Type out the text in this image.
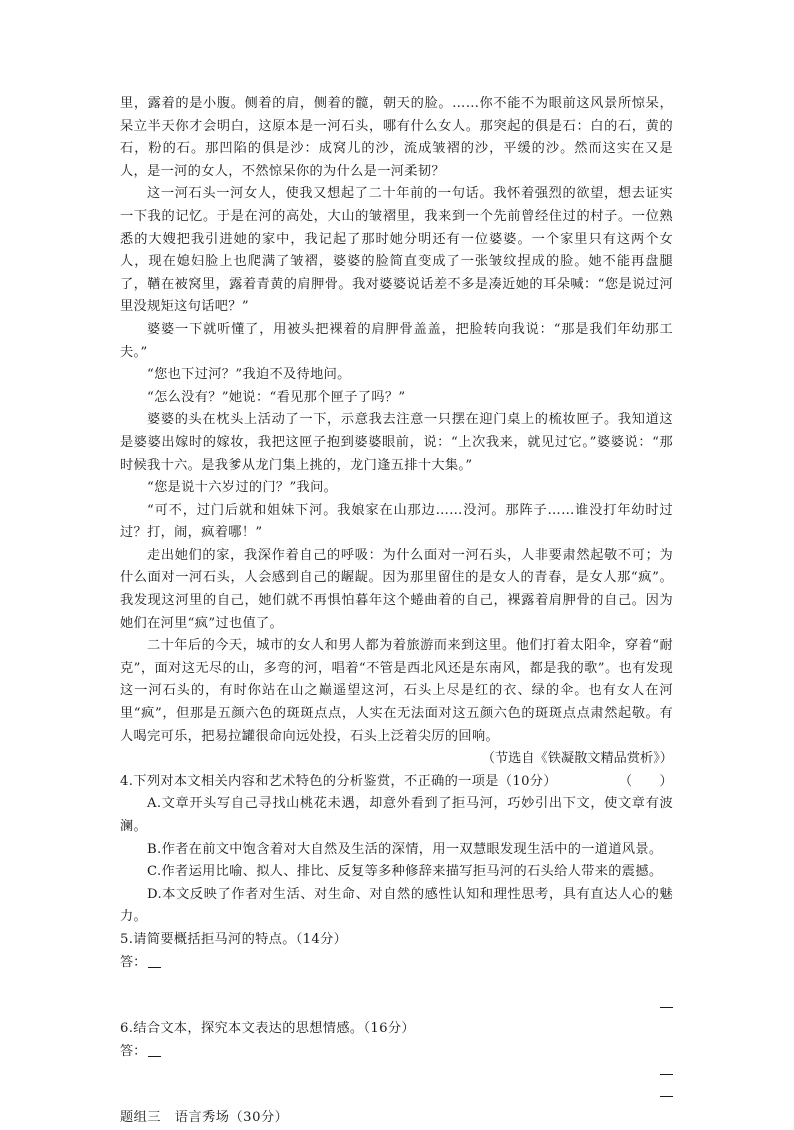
里，露着的是小腹。侧着的肩，侧着的髋，朝天的脸。……你不能不为眼前这风景所惊呆，呆立半天你才会明白，这原本是一河石头，哪有什么女人。那突起的俱是石：白的石，黄的石，粉的石。那凹陷的俱是沙：成窝儿的沙，流成皱褶的沙，平缓的沙。然而这实在又是人，是一河的女人，不然惊呆你的为什么是一河柔韧？

这一河石头一河女人，使我又想起了二十年前的一句话。我怀着强烈的欲望，想去证实一下我的记忆。于是在河的高处，大山的皱褶里，我来到一个先前曾经住过的村子。一位熟悉的大嫂把我引进她的家中，我记起了那时她分明还有一位婆婆。一个家里只有这两个女人，现在媳妇脸上也爬满了皱褶，婆婆的脸简直变成了一张皱纹捏成的脸。她不能再盘腿了，鞧在被窝里，露着青黄的肩胛骨。我对婆婆说话差不多是凑近她的耳朵喊：“您是说过河里没规矩这句话吧？”

婆婆一下就听懂了，用被头把裸着的肩胛骨盖盖，把脸转向我说：“那是我们年幼那工夫。”

“您也下过河？”我迫不及待地问。

“怎么没有？”她说：“看见那个匣子了吗？”

婆婆的头在枕头上活动了一下，示意我去注意一只摆在迎门桌上的梳妆匣子。我知道这是婆婆出嫁时的嫁妆，我把这匣子抱到婆婆眼前，说：“上次我来，就见过它。”婆婆说：“那时候我十六。是我爹从龙门集上挑的，龙门逢五排十大集。”

“您是说十六岁过的门？”我问。

“可不，过门后就和姐妹下河。我娘家在山那边……没河。那阵子……谁没打年幼时过过？打，闹，疯着哪！”

走出她们的家，我深作着自己的呼吸：为什么面对一河石头，人非要肃然起敬不可；为什么面对一河石头，人会感到自己的龌龊。因为那里留住的是女人的青春，是女人那“疯”。我发现这河里的自己，她们就不再惧怕暮年这个蜷曲着的自己，裸露着肩胛骨的自己。因为她们在河里“疯”过也值了。

二十年后的今天，城市的女人和男人都为着旅游而来到这里。他们打着太阳伞，穿着“耐克”，面对这无尽的山，多弯的河，唱着“不管是西北风还是东南风，都是我的歌”。也有发现这一河石头的，有时你站在山之巅遥望这河，石头上尽是红的衣、绿的伞。也有女人在河里“疯”，但那是五颜六色的斑斑点点，人实在无法面对这五颜六色的斑斑点点肃然起敬。有人喝完可乐，把易拉罐很命向远处投，石头上泛着尖厉的回响。

（节选自《铁凝散文精品赏析》）

4.下列对本文相关内容和艺术特色的分析鉴赏，不正确的一项是（10分）	（　　）

A.文章开头写自己寻找山桃花未遇，却意外看到了拒马河，巧妙引出下文，使文章有波澜。

B.作者在前文中饱含着对大自然及生活的深情，用一双慧眼发现生活中的一道道风景。

C.作者运用比喻、拟人、排比、反复等多种修辞来描写拒马河的石头给人带来的震撼。

D.本文反映了作者对生活、对生命、对自然的感性认知和理性思考，具有直达人心的魅力。

5.请简要概括拒马河的特点。（14分）

答：

6.结合文本，探究本文表达的思想情感。（16分）

答：

题组三　语言秀场（30分）
